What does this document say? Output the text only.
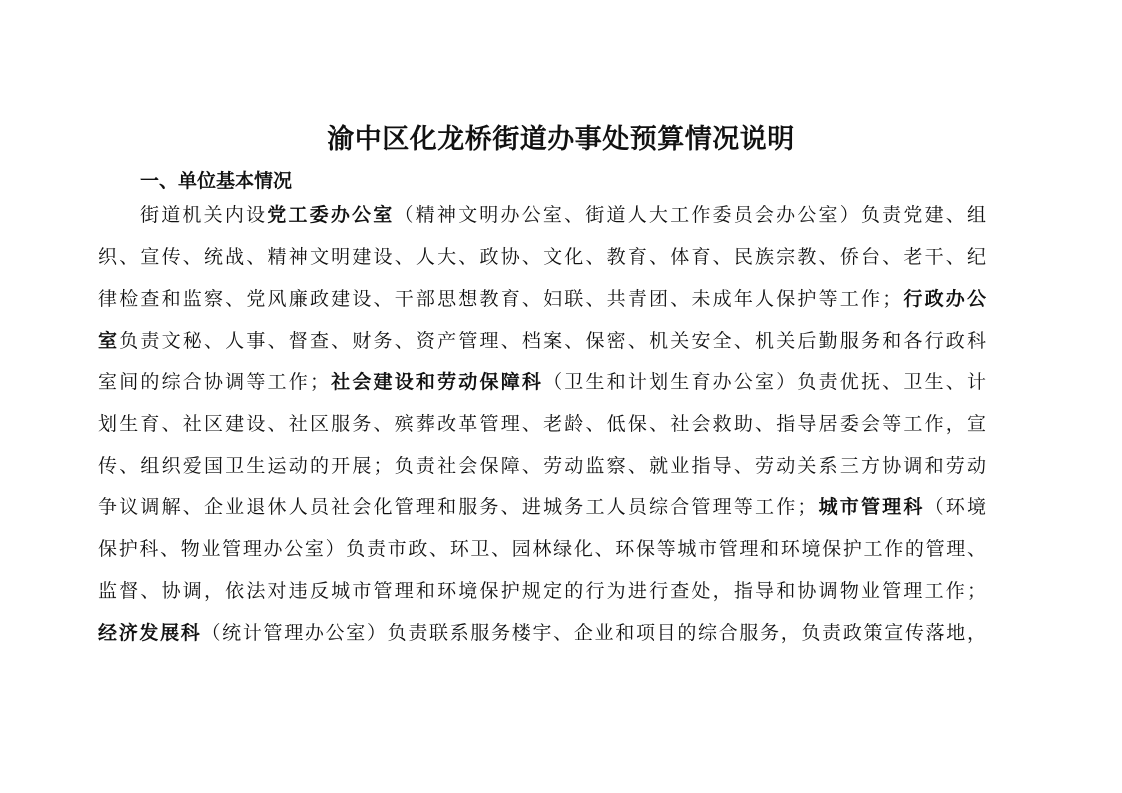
渝中区化龙桥街道办事处预算情况说明
一、单位基本情况
街道机关内设党工委办公室（精神文明办公室、街道人大工作委员会办公室）负责党建、组
织、宣传、统战、精神文明建设、人大、政协、文化、教育、体育、民族宗教、侨台、老干、纪
律检查和监察、党风廉政建设、干部思想教育、妇联、共青团、未成年人保护等工作；行政办公
室负责文秘、人事、督查、财务、资产管理、档案、保密、机关安全、机关后勤服务和各行政科
室间的综合协调等工作；社会建设和劳动保障科（卫生和计划生育办公室）负责优抚、卫生、计
划生育、社区建设、社区服务、殡葬改革管理、老龄、低保、社会救助、指导居委会等工作，宣
传、组织爱国卫生运动的开展；负责社会保障、劳动监察、就业指导、劳动关系三方协调和劳动
争议调解、企业退休人员社会化管理和服务、进城务工人员综合管理等工作；城市管理科（环境
保护科、物业管理办公室）负责市政、环卫、园林绿化、环保等城市管理和环境保护工作的管理、
监督、协调，依法对违反城市管理和环境保护规定的行为进行查处，指导和协调物业管理工作；
经济发展科（统计管理办公室）负责联系服务楼宇、企业和项目的综合服务，负责政策宣传落地，
